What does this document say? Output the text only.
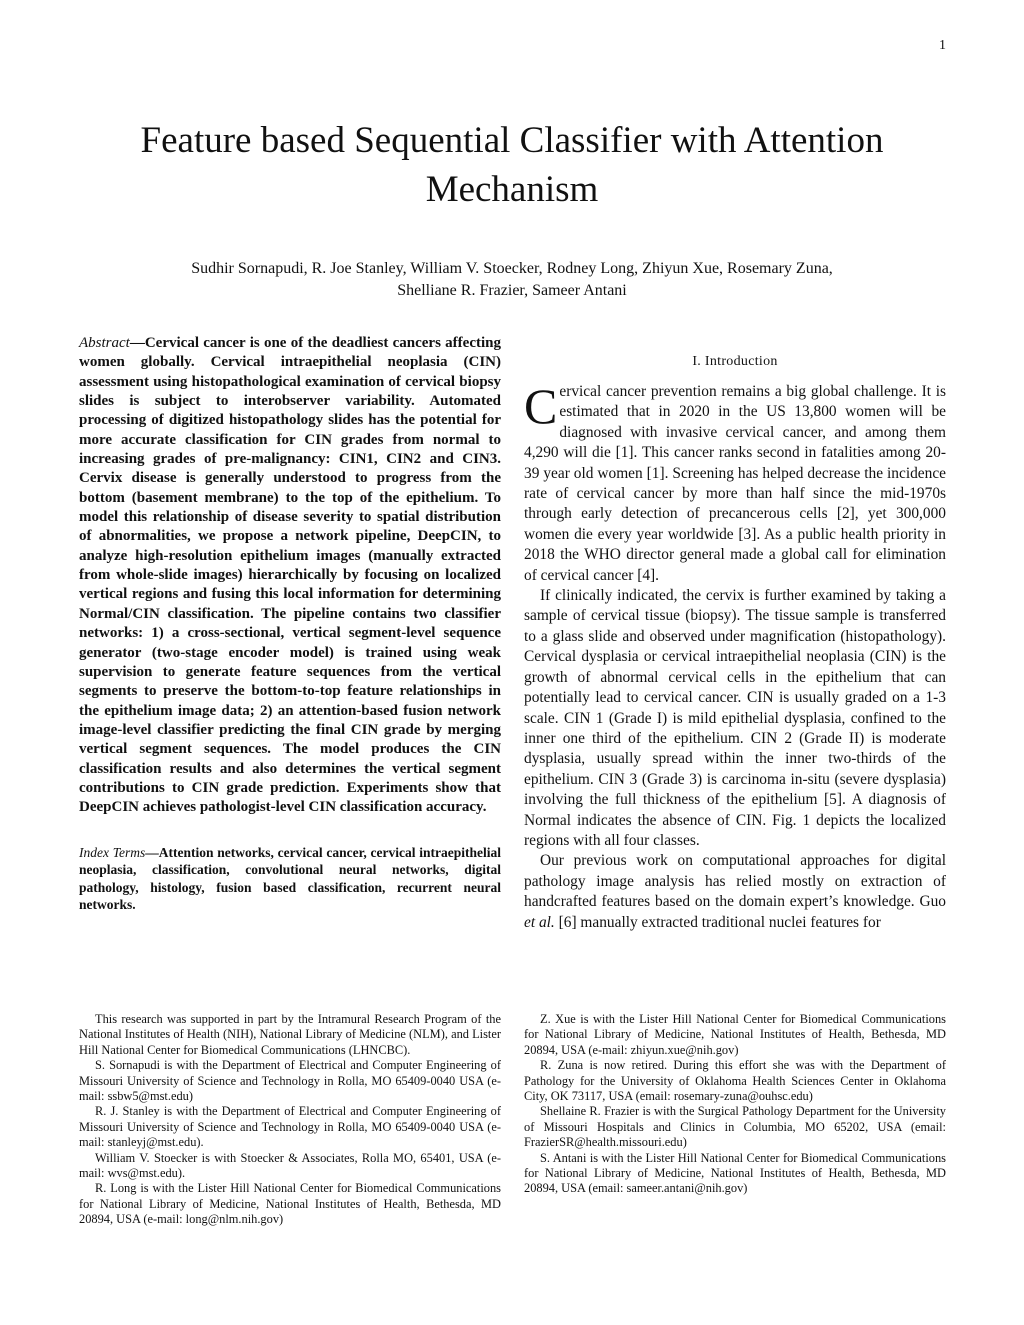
1
Feature based Sequential Classifier with Attention Mechanism
Sudhir Sornapudi, R. Joe Stanley, William V. Stoecker, Rodney Long, Zhiyun Xue, Rosemary Zuna,
Shelliane R. Frazier, Sameer Antani

Abstract—Cervical cancer is one of the deadliest cancers affecting women globally. Cervical intraepithelial neoplasia (CIN) assessment using histopathological examination of cervical biopsy slides is subject to interobserver variability. Automated processing of digitized histopathology slides has the potential for more accurate classification for CIN grades from normal to increasing grades of pre-malignancy: CIN1, CIN2 and CIN3. Cervix disease is generally understood to progress from the bottom (basement membrane) to the top of the epithelium. To model this relationship of disease severity to spatial distribution of abnormalities, we propose a network pipeline, DeepCIN, to analyze high-resolution epithelium images (manually extracted from whole-slide images) hierarchically by focusing on localized vertical regions and fusing this local information for determining Normal/CIN classification. The pipeline contains two classifier networks: 1) a cross-sectional, vertical segment-level sequence generator (two-stage encoder model) is trained using weak supervision to generate feature sequences from the vertical segments to preserve the bottom-to-top feature relationships in the epithelium image data; 2) an attention-based fusion network image-level classifier predicting the final CIN grade by merging vertical segment sequences. The model produces the CIN classification results and also determines the vertical segment contributions to CIN grade prediction. Experiments show that DeepCIN achieves pathologist-level CIN classification accuracy.

Index Terms—Attention networks, cervical cancer, cervical intraepithelial neoplasia, classification, convolutional neural networks, digital pathology, histology, fusion based classification, recurrent neural networks.

I. Introduction

Cervical cancer prevention remains a big global challenge. It is estimated that in 2020 in the US 13,800 women will be diagnosed with invasive cervical cancer, and among them 4,290 will die [1]. This cancer ranks second in fatalities among 20-39 year old women [1]. Screening has helped decrease the incidence rate of cervical cancer by more than half since the mid-1970s through early detection of precancerous cells [2], yet 300,000 women die every year worldwide [3]. As a public health priority in 2018 the WHO director general made a global call for elimination of cervical cancer [4].

If clinically indicated, the cervix is further examined by taking a sample of cervical tissue (biopsy). The tissue sample is transferred to a glass slide and observed under magnification (histopathology). Cervical dysplasia or cervical intraepithelial neoplasia (CIN) is the growth of abnormal cervical cells in the epithelium that can potentially lead to cervical cancer. CIN is usually graded on a 1-3 scale. CIN 1 (Grade I) is mild epithelial dysplasia, confined to the inner one third of the epithelium. CIN 2 (Grade II) is moderate dysplasia, usually spread within the inner two-thirds of the epithelium. CIN 3 (Grade 3) is carcinoma in-situ (severe dysplasia) involving the full thickness of the epithelium [5]. A diagnosis of Normal indicates the absence of CIN. Fig. 1 depicts the localized regions with all four classes.

Our previous work on computational approaches for digital pathology image analysis has relied mostly on extraction of handcrafted features based on the domain expert’s knowledge. Guo et al. [6] manually extracted traditional nuclei features for

This research was supported in part by the Intramural Research Program of the National Institutes of Health (NIH), National Library of Medicine (NLM), and Lister Hill National Center for Biomedical Communications (LHNCBC).

S. Sornapudi is with the Department of Electrical and Computer Engineering of Missouri University of Science and Technology in Rolla, MO 65409-0040 USA (e-mail: ssbw5@mst.edu)

R. J. Stanley is with the Department of Electrical and Computer Engineering of Missouri University of Science and Technology in Rolla, MO 65409-0040 USA (e-mail: stanleyj@mst.edu).

William V. Stoecker is with Stoecker & Associates, Rolla MO, 65401, USA (e-mail: wvs@mst.edu).

R. Long is with the Lister Hill National Center for Biomedical Communications for National Library of Medicine, National Institutes of Health, Bethesda, MD 20894, USA (e-mail: long@nlm.nih.gov)

Z. Xue is with the Lister Hill National Center for Biomedical Communications for National Library of Medicine, National Institutes of Health, Bethesda, MD 20894, USA (e-mail: zhiyun.xue@nih.gov)

R. Zuna is now retired. During this effort she was with the Department of Pathology for the University of Oklahoma Health Sciences Center in Oklahoma City, OK 73117, USA (email: rosemary-zuna@ouhsc.edu)

Shellaine R. Frazier is with the Surgical Pathology Department for the University of Missouri Hospitals and Clinics in Columbia, MO 65202, USA (email: FrazierSR@health.missouri.edu)

S. Antani is with the Lister Hill National Center for Biomedical Communications for National Library of Medicine, National Institutes of Health, Bethesda, MD 20894, USA (email: sameer.antani@nih.gov)
